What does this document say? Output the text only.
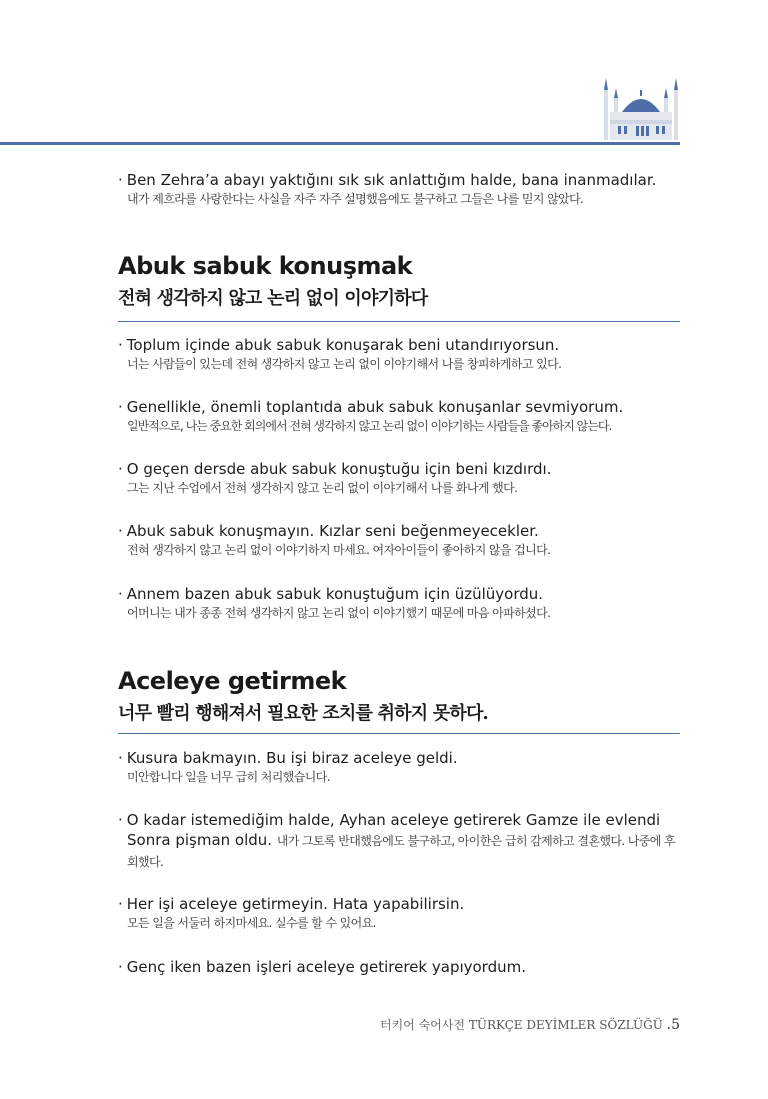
· Ben Zehra’a abayı yaktığını sık sık anlattığım halde, bana inanmadılar.
내가 제흐라를 사랑한다는 사실을 자주 자주 설명했음에도 불구하고 그들은 나를 믿지 않았다.
Abuk sabuk konuşmak
전혀 생각하지 않고 논리 없이 이야기하다
· Toplum içinde abuk sabuk konuşarak beni utandırıyorsun.
너는 사람들이 있는데 전혀 생각하지 않고 논리 없이 이야기해서 나를 창피하게하고 있다.
· Genellikle, önemli toplantıda abuk sabuk konuşanlar sevmiyorum.
일반적으로, 나는 중요한 회의에서 전혀 생각하지 않고 논리 없이 이야기하는 사람들을 좋아하지 않는다.
· O geçen dersde abuk sabuk konuştuğu için beni kızdırdı.
그는 지난 수업에서 전혀 생각하지 않고 논리 없이 이야기해서 나를 화나게 했다.
· Abuk sabuk konuşmayın. Kızlar seni beğenmeyecekler.
전혀 생각하지 않고 논리 없이 이야기하지 마세요. 여자아이들이 좋아하지 않을 겁니다.
· Annem bazen abuk sabuk konuştuğum için üzülüyordu.
어머니는 내가 종종 전혀 생각하지 않고 논리 없이 이야기했기 때문에 마음 아파하셨다.
Aceleye getirmek
너무 빨리 행해져서 필요한 조치를 취하지 못하다.
· Kusura bakmayın. Bu işi biraz aceleye geldi.
미안합니다 일을 너무 급히 처리했습니다.
· O kadar istemediğim halde, Ayhan aceleye getirerek Gamze ile evlendi Sonra pişman oldu. 내가 그토록 반대했음에도 불구하고, 아이한은 급히 감제하고 결혼했다. 나중에 후회했다.
· Her işi aceleye getirmeyin. Hata yapabilirsin.
모든 일을 서둘러 하지마세요. 실수를 할 수 있어요.
· Genç iken bazen işleri aceleye getirerek yapıyordum.
터키어 숙어사전 TÜRKÇE DEYİMLER SÖZLÜĞÜ .5
